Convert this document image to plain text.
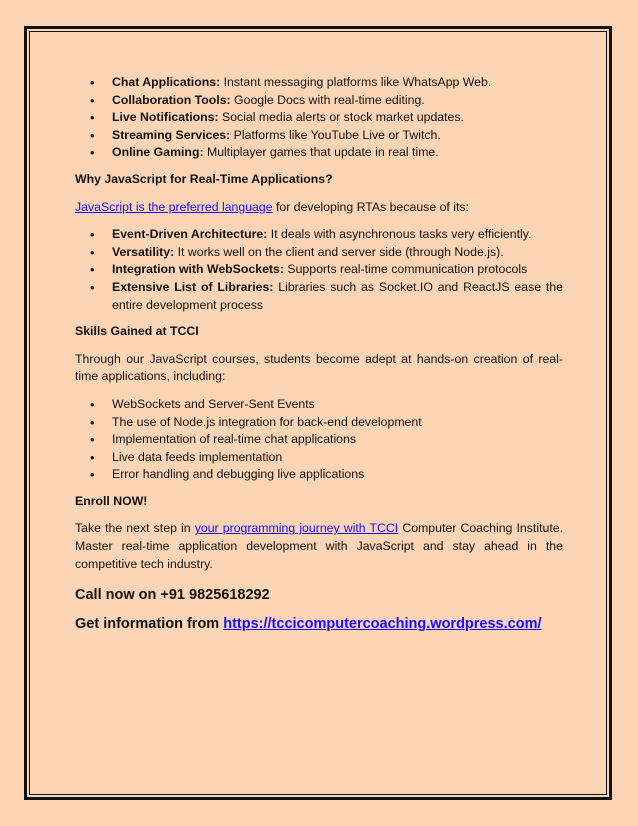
• Chat Applications: Instant messaging platforms like WhatsApp Web.
• Collaboration Tools: Google Docs with real-time editing.
• Live Notifications: Social media alerts or stock market updates.
• Streaming Services: Platforms like YouTube Live or Twitch.
• Online Gaming: Multiplayer games that update in real time.

Why JavaScript for Real-Time Applications?

JavaScript is the preferred language for developing RTAs because of its:

• Event-Driven Architecture: It deals with asynchronous tasks very efficiently.
• Versatility: It works well on the client and server side (through Node.js).
• Integration with WebSockets: Supports real-time communication protocols
• Extensive List of Libraries: Libraries such as Socket.IO and ReactJS ease the entire development process

Skills Gained at TCCI

Through our JavaScript courses, students become adept at hands-on creation of real-time applications, including:

• WebSockets and Server-Sent Events
• The use of Node.js integration for back-end development
• Implementation of real-time chat applications
• Live data feeds implementation
• Error handling and debugging live applications

Enroll NOW!

Take the next step in your programming journey with TCCI Computer Coaching Institute. Master real-time application development with JavaScript and stay ahead in the competitive tech industry.

Call now on +91 9825618292

Get information from https://tccicomputercoaching.wordpress.com/
